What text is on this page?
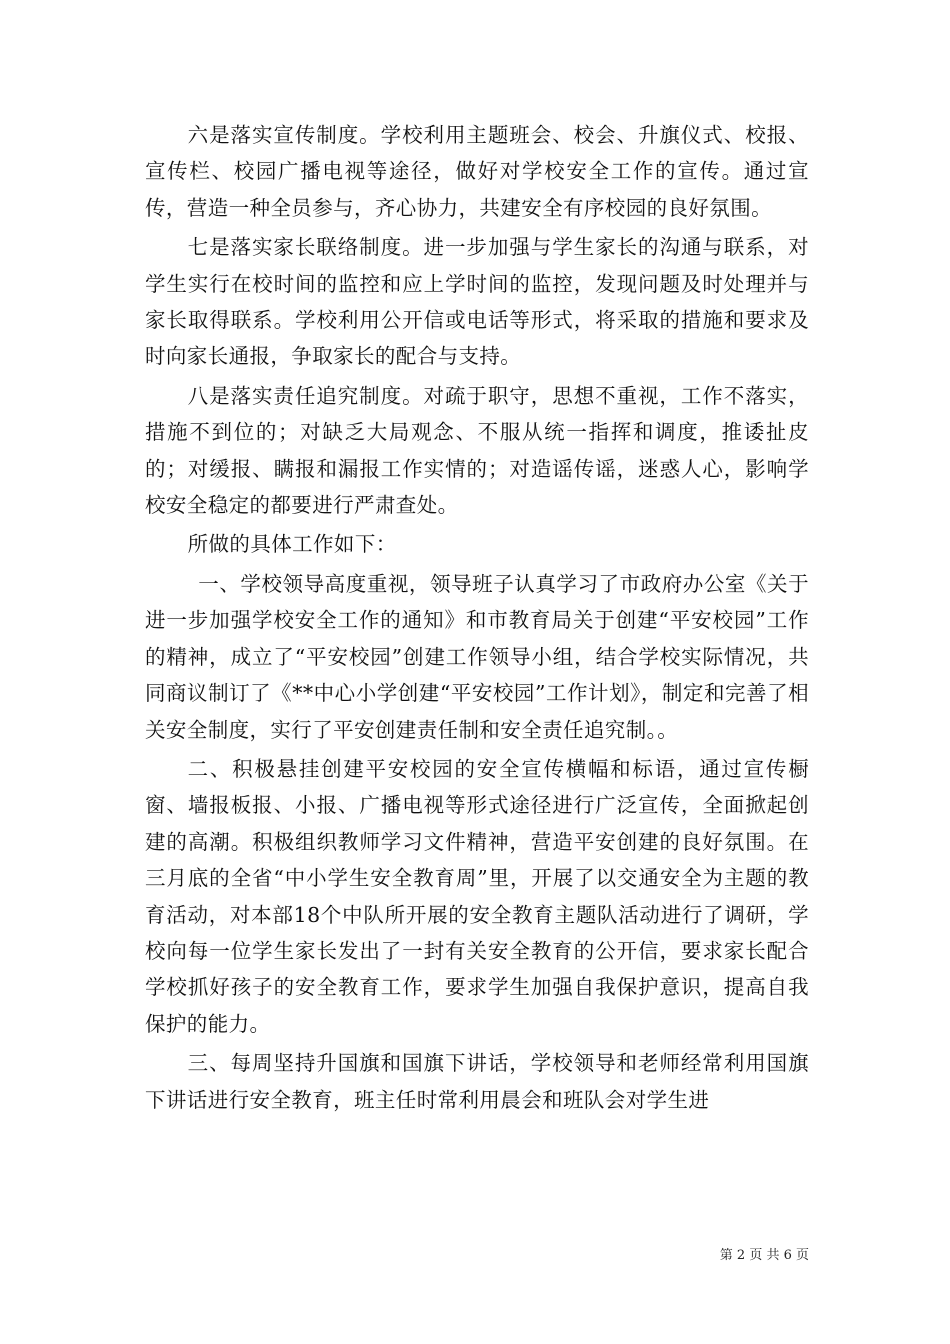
六是落实宣传制度。学校利用主题班会、校会、升旗仪式、校报、宣传栏、校园广播电视等途径，做好对学校安全工作的宣传。通过宣传，营造一种全员参与，齐心协力，共建安全有序校园的良好氛围。

七是落实家长联络制度。进一步加强与学生家长的沟通与联系，对学生实行在校时间的监控和应上学时间的监控，发现问题及时处理并与家长取得联系。学校利用公开信或电话等形式，将采取的措施和要求及时向家长通报，争取家长的配合与支持。

八是落实责任追究制度。对疏于职守，思想不重视，工作不落实，措施不到位的；对缺乏大局观念、不服从统一指挥和调度，推诿扯皮的；对缓报、瞒报和漏报工作实情的；对造谣传谣，迷惑人心，影响学校安全稳定的都要进行严肃查处。

所做的具体工作如下：

一、学校领导高度重视，领导班子认真学习了市政府办公室《关于进一步加强学校安全工作的通知》和市教育局关于创建“平安校园”工作的精神，成立了“平安校园”创建工作领导小组，结合学校实际情况，共同商议制订了《**中心小学创建“平安校园”工作计划》，制定和完善了相关安全制度，实行了平安创建责任制和安全责任追究制。。

二、积极悬挂创建平安校园的安全宣传横幅和标语，通过宣传橱窗、墙报板报、小报、广播电视等形式途径进行广泛宣传，全面掀起创建的高潮。积极组织教师学习文件精神，营造平安创建的良好氛围。在三月底的全省“中小学生安全教育周”里，开展了以交通安全为主题的教育活动，对本部18个中队所开展的安全教育主题队活动进行了调研，学校向每一位学生家长发出了一封有关安全教育的公开信，要求家长配合学校抓好孩子的安全教育工作，要求学生加强自我保护意识，提高自我保护的能力。

三、每周坚持升国旗和国旗下讲话，学校领导和老师经常利用国旗下讲话进行安全教育，班主任时常利用晨会和班队会对学生进

第 2 页 共 6 页
